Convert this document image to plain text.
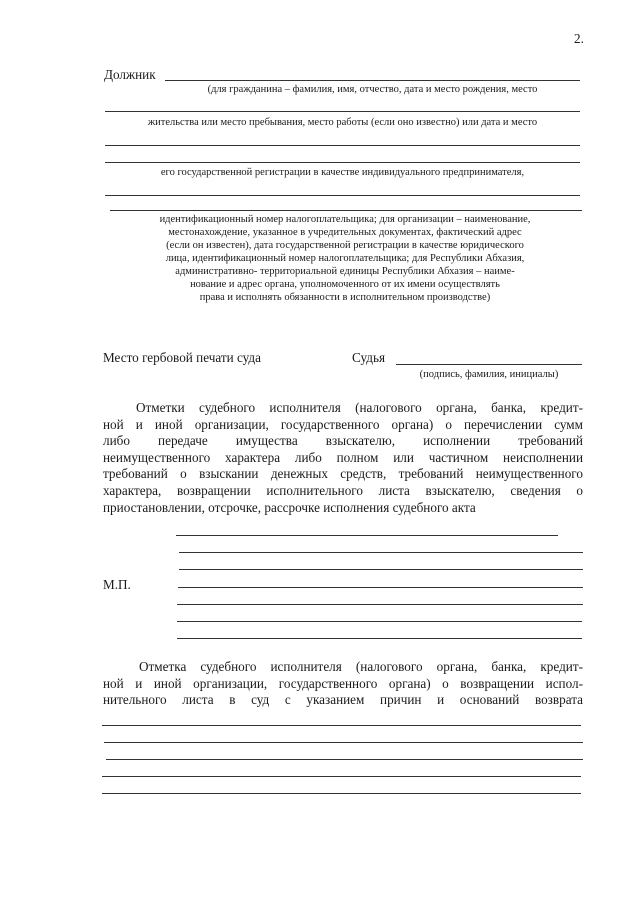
2.
Должник
(для гражданина – фамилия, имя, отчество, дата и место рождения, место
жительства или место пребывания, место работы (если оно известно) или дата и место
его государственной регистрации в качестве индивидуального предпринимателя,
идентификационный номер налогоплательщика; для организации – наименование,
местонахождение, указанное в учредительных документах, фактический адрес
(если он известен), дата государственной регистрации в качестве юридического
лица, идентификационный номер налогоплательщика; для Республики Абхазия,
административно- территориальной единицы Республики Абхазия – наиме-
нование и адрес органа, уполномоченного от их имени осуществлять
права и исполнять обязанности в исполнительном производстве)
Место гербовой печати суда	Судья
(подпись, фамилия, инициалы)
Отметки судебного исполнителя (налогового органа, банка, кредит-
ной и иной организации, государственного органа) о перечислении сумм
либо передаче имущества взыскателю, исполнении требований
неимущественного характера либо полном или частичном неисполнении
требований о взыскании денежных средств, требований неимущественного
характера, возвращении исполнительного листа взыскателю, сведения о
приостановлении, отсрочке, рассрочке исполнения судебного акта
М.П.
Отметка судебного исполнителя (налогового органа, банка, кредит-
ной и иной организации, государственного органа) о возвращении испол-
нительного листа в суд с указанием причин и оснований возврата
